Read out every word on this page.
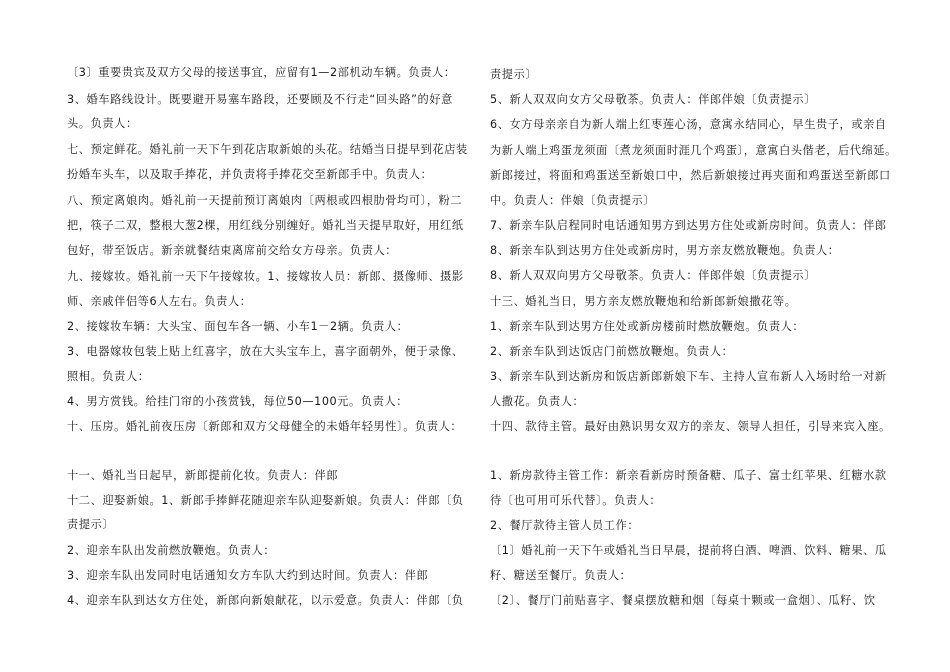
〔3〕重要贵宾及双方父母的接送事宜，应留有1—2部机动车辆。负责人：
3、婚车路线设计。既要避开易塞车路段，还要顾及不行走“回头路”的好意
头。负责人：
七、预定鲜花。婚礼前一天下午到花店取新娘的头花。结婚当日提早到花店装
扮婚车头车，以及取手捧花，并负责将手捧花交至新郎手中。负责人：
八、预定离娘肉。婚礼前一天提前预订离娘肉〔两根或四根肋骨均可〕，粉二
把，筷子二双，整根大葱2棵，用红线分别缠好。婚礼当天提早取好，用红纸
包好，带至饭店。新亲就餐结束离席前交给女方母亲。负责人：
九、接嫁妆。婚礼前一天下午接嫁妆。1、接嫁妆人员：新郎、摄像师、摄影
师、亲戚伴侣等6人左右。负责人：
2、接嫁妆车辆：大头宝、面包车各一辆、小车1－2辆。负责人：
3、电器嫁妆包装上贴上红喜字，放在大头宝车上，喜字面朝外，便于录像、
照相。负责人：
4、男方赏钱。给挂门帘的小孩赏钱，每位50—100元。负责人：
十、压房。婚礼前夜压房〔新郎和双方父母健全的未婚年轻男性〕。负责人：
十一、婚礼当日起早，新郎提前化妆。负责人：伴郎
十二、迎娶新娘。1、新郎手捧鲜花随迎亲车队迎娶新娘。负责人：伴郎〔负
责提示〕
2、迎亲车队出发前燃放鞭炮。负责人：
3、迎亲车队出发同时电话通知女方车队大约到达时间。负责人：伴郎
4、迎亲车队到达女方住处，新郎向新娘献花，以示爱意。负责人：伴郎〔负
责提示〕
5、新人双双向女方父母敬茶。负责人：伴郎伴娘〔负责提示〕
6、女方母亲亲自为新人端上红枣莲心汤，意寓永结同心，早生贵子，或亲自
为新人端上鸡蛋龙须面〔煮龙须面时涯几个鸡蛋〕，意寓白头偕老，后代绵延。
新郎接过，将面和鸡蛋送至新娘口中，然后新娘接过再夹面和鸡蛋送至新郎口
中。负责人：伴娘〔负责提示〕
7、新亲车队启程同时电话通知男方到达男方住处或新房时间。负责人：伴郎
8、新亲车队到达男方住处或新房时，男方亲友燃放鞭炮。负责人：
8、新人双双向男方父母敬茶。负责人：伴郎伴娘〔负责提示〕
十三、婚礼当日，男方亲友燃放鞭炮和给新郎新娘撒花等。
1、新亲车队到达男方住处或新房楼前时燃放鞭炮。负责人：
2、新亲车队到达饭店门前燃放鞭炮。负责人：
3、新亲车队到达新房和饭店新郎新娘下车、主持人宣布新人入场时给一对新
人撒花。负责人：
十四、款待主管。最好由熟识男女双方的亲友、领导人担任，引导来宾入座。
1、新房款待主管工作：新亲看新房时预备糖、瓜子、富士红苹果、红糖水款
待〔也可用可乐代替〕。负责人：
2、餐厅款待主管人员工作：
〔1〕婚礼前一天下午或婚礼当日早晨，提前将白酒、啤酒、饮料、糖果、瓜
籽、糖送至餐厅。负责人：
〔2〕、餐厅门前贴喜字、餐桌摆放糖和烟〔每桌十颗或一盒烟〕、瓜籽、饮
